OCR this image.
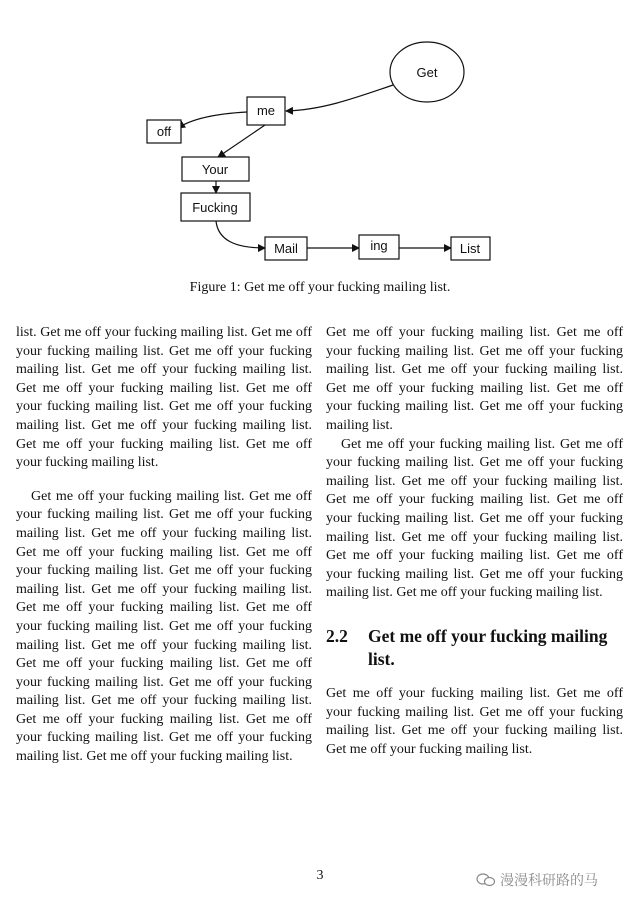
Get
me
off
Your
Fucking
Mail	ing	List
Figure 1: Get me off your fucking mailing list.

list. Get me off your fucking mailing list. Get me off your fucking mailing list. Get me off your fucking mailing list. Get me off your fucking mailing list. Get me off your fucking mailing list. Get me off your fucking mailing list. Get me off your fucking mailing list. Get me off your fucking mailing list. Get me off your fucking mailing list. Get me off your fucking mailing list.

Get me off your fucking mailing list. Get me off your fucking mailing list. Get me off your fucking mailing list. Get me off your fucking mailing list. Get me off your fucking mailing list. Get me off your fucking mailing list. Get me off your fucking mailing list. Get me off your fucking mailing list. Get me off your fucking mailing list. Get me off your fucking mailing list. Get me off your fucking mailing list. Get me off your fucking mailing list. Get me off your fucking mailing list. Get me off your fucking mailing list. Get me off your fucking mailing list. Get me off your fucking mailing list. Get me off your fucking mailing list. Get me off your fucking mailing list. Get me off your fucking mailing list. Get me off your fucking mailing list.

Get me off your fucking mailing list. Get me off your fucking mailing list. Get me off your fucking mailing list. Get me off your fucking mailing list. Get me off your fucking mailing list. Get me off your fucking mailing list. Get me off your fucking mailing list.

Get me off your fucking mailing list. Get me off your fucking mailing list. Get me off your fucking mailing list. Get me off your fucking mailing list. Get me off your fucking mailing list. Get me off your fucking mailing list. Get me off your fucking mailing list. Get me off your fucking mailing list. Get me off your fucking mailing list. Get me off your fucking mailing list. Get me off your fucking mailing list. Get me off your fucking mailing list.

2.2	Get me off your fucking mailing list.

Get me off your fucking mailing list. Get me off your fucking mailing list. Get me off your fucking mailing list. Get me off your fucking mailing list. Get me off your fucking mailing list.

3	漫漫科研路的马
